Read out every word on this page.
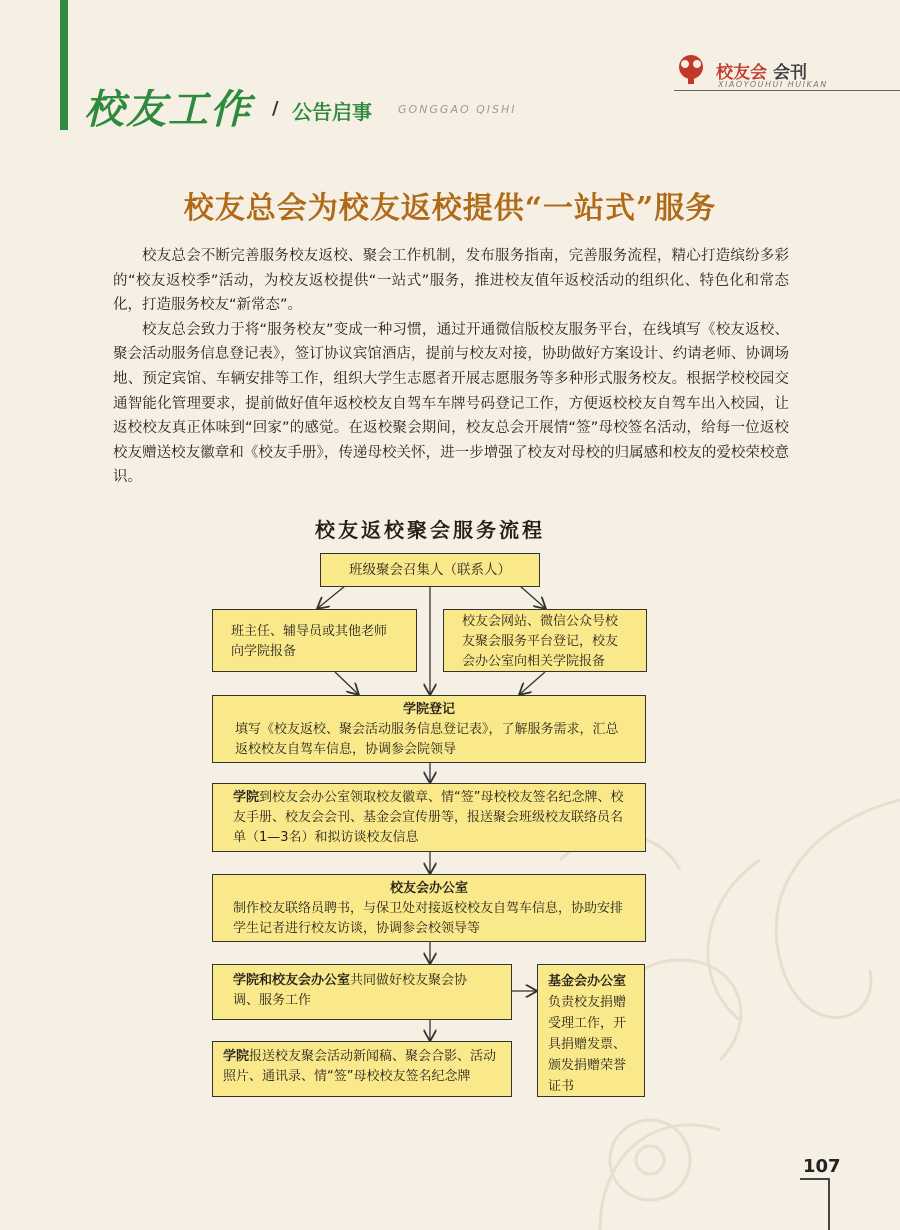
校友工作 / 公告启事 GONGGAO QISHI
校友会 会刊
XIAOYOUHUI HUIKAN
校友总会为校友返校提供“一站式”服务

校友总会不断完善服务校友返校、聚会工作机制，发布服务指南，完善服务流程，精心打造缤纷多彩的“校友返校季”活动，为校友返校提供“一站式”服务，推进校友值年返校活动的组织化、特色化和常态化，打造服务校友“新常态”。

校友总会致力于将“服务校友”变成一种习惯，通过开通微信版校友服务平台，在线填写《校友返校、聚会活动服务信息登记表》，签订协议宾馆酒店，提前与校友对接，协助做好方案设计、约请老师、协调场地、预定宾馆、车辆安排等工作，组织大学生志愿者开展志愿服务等多种形式服务校友。根据学校校园交通智能化管理要求，提前做好值年返校校友自驾车车牌号码登记工作，方便返校校友自驾车出入校园，让返校校友真正体味到“回家”的感觉。在返校聚会期间，校友总会开展情“签”母校签名活动，给每一位返校校友赠送校友徽章和《校友手册》，传递母校关怀，进一步增强了校友对母校的归属感和校友的爱校荣校意识。

校友返校聚会服务流程
班级聚会召集人（联系人）
班主任、辅导员或其他老师向学院报备
校友会网站、微信公众号校友聚会服务平台登记，校友会办公室向相关学院报备
学院登记
填写《校友返校、聚会活动服务信息登记表》，了解服务需求，汇总返校校友自驾车信息，协调参会院领导
学院到校友会办公室领取校友徽章、情“签”母校校友签名纪念牌、校友手册、校友会会刊、基金会宣传册等，报送聚会班级校友联络员名单（1—3名）和拟访谈校友信息
校友会办公室
制作校友联络员聘书，与保卫处对接返校校友自驾车信息，协助安排学生记者进行校友访谈，协调参会校领导等
学院和校友会办公室共同做好校友聚会协调、服务工作
基金会办公室
负责校友捐赠受理工作，开具捐赠发票、颁发捐赠荣誉证书
学院报送校友聚会活动新闻稿、聚会合影、活动照片、通讯录、情“签”母校校友签名纪念牌
107
